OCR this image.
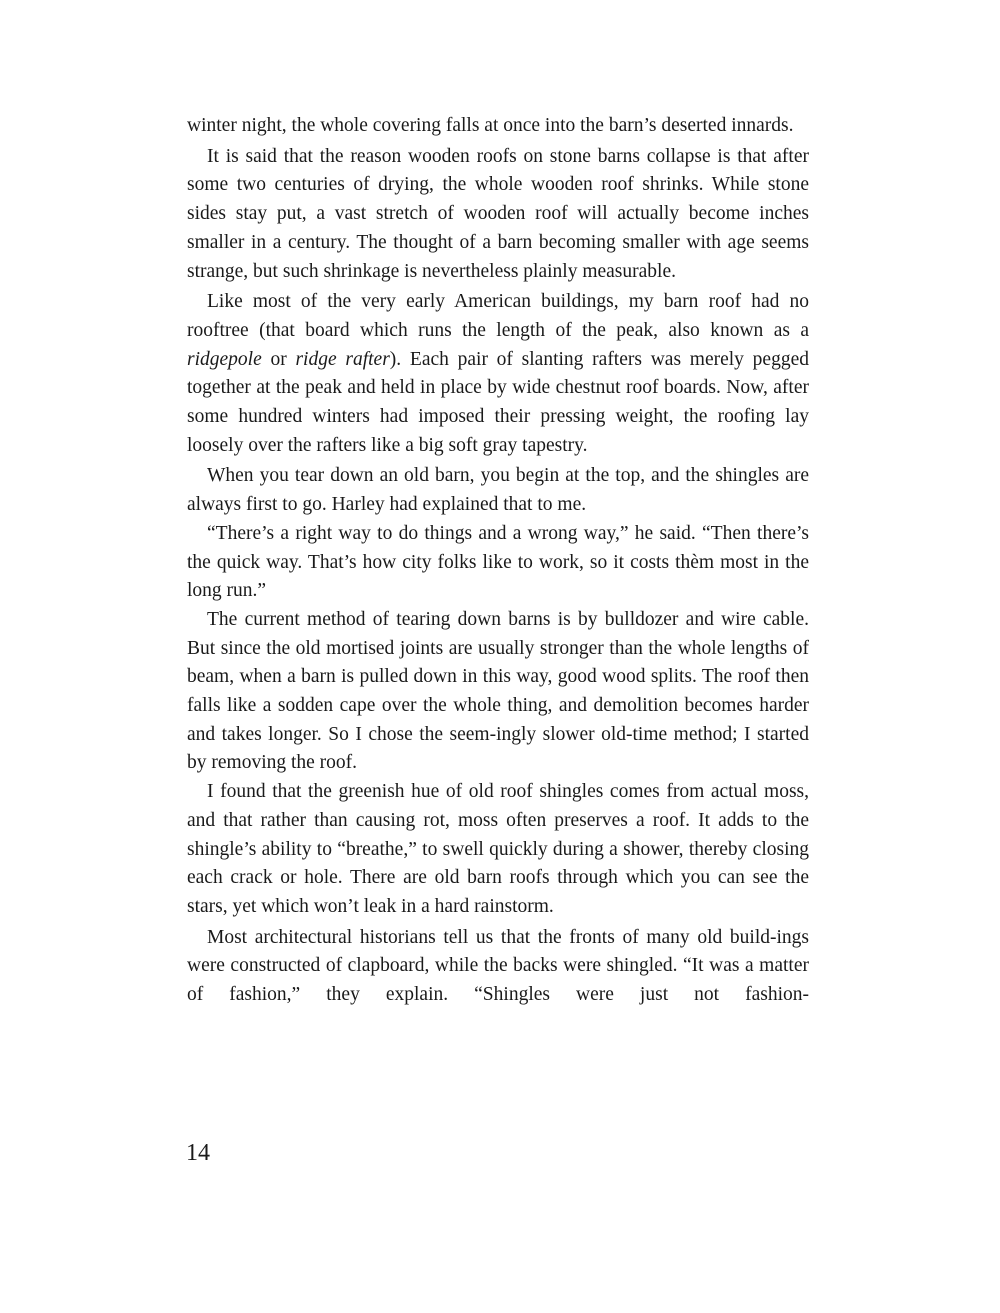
winter night, the whole covering falls at once into the barn’s deserted innards.

It is said that the reason wooden roofs on stone barns collapse is that after some two centuries of drying, the whole wooden roof shrinks. While stone sides stay put, a vast stretch of wooden roof will actually become inches smaller in a century. The thought of a barn becoming smaller with age seems strange, but such shrinkage is nevertheless plainly measurable.

Like most of the very early American buildings, my barn roof had no rooftree (that board which runs the length of the peak, also known as a ridgepole or ridge rafter). Each pair of slanting rafters was merely pegged together at the peak and held in place by wide chestnut roof boards. Now, after some hundred winters had imposed their pressing weight, the roofing lay loosely over the rafters like a big soft gray tapestry.

When you tear down an old barn, you begin at the top, and the shingles are always first to go. Harley had explained that to me.

“There’s a right way to do things and a wrong way,” he said. “Then there’s the quick way. That’s how city folks like to work, so it costs thèm most in the long run.”

The current method of tearing down barns is by bulldozer and wire cable. But since the old mortised joints are usually stronger than the whole lengths of beam, when a barn is pulled down in this way, good wood splits. The roof then falls like a sodden cape over the whole thing, and demolition becomes harder and takes longer. So I chose the seem-ingly slower old-time method; I started by removing the roof.

I found that the greenish hue of old roof shingles comes from actual moss, and that rather than causing rot, moss often preserves a roof. It adds to the shingle’s ability to “breathe,” to swell quickly during a shower, thereby closing each crack or hole. There are old barn roofs through which you can see the stars, yet which won’t leak in a hard rainstorm.

Most architectural historians tell us that the fronts of many old build-ings were constructed of clapboard, while the backs were shingled. “It was a matter of fashion,” they explain. “Shingles were just not fashion-

14
